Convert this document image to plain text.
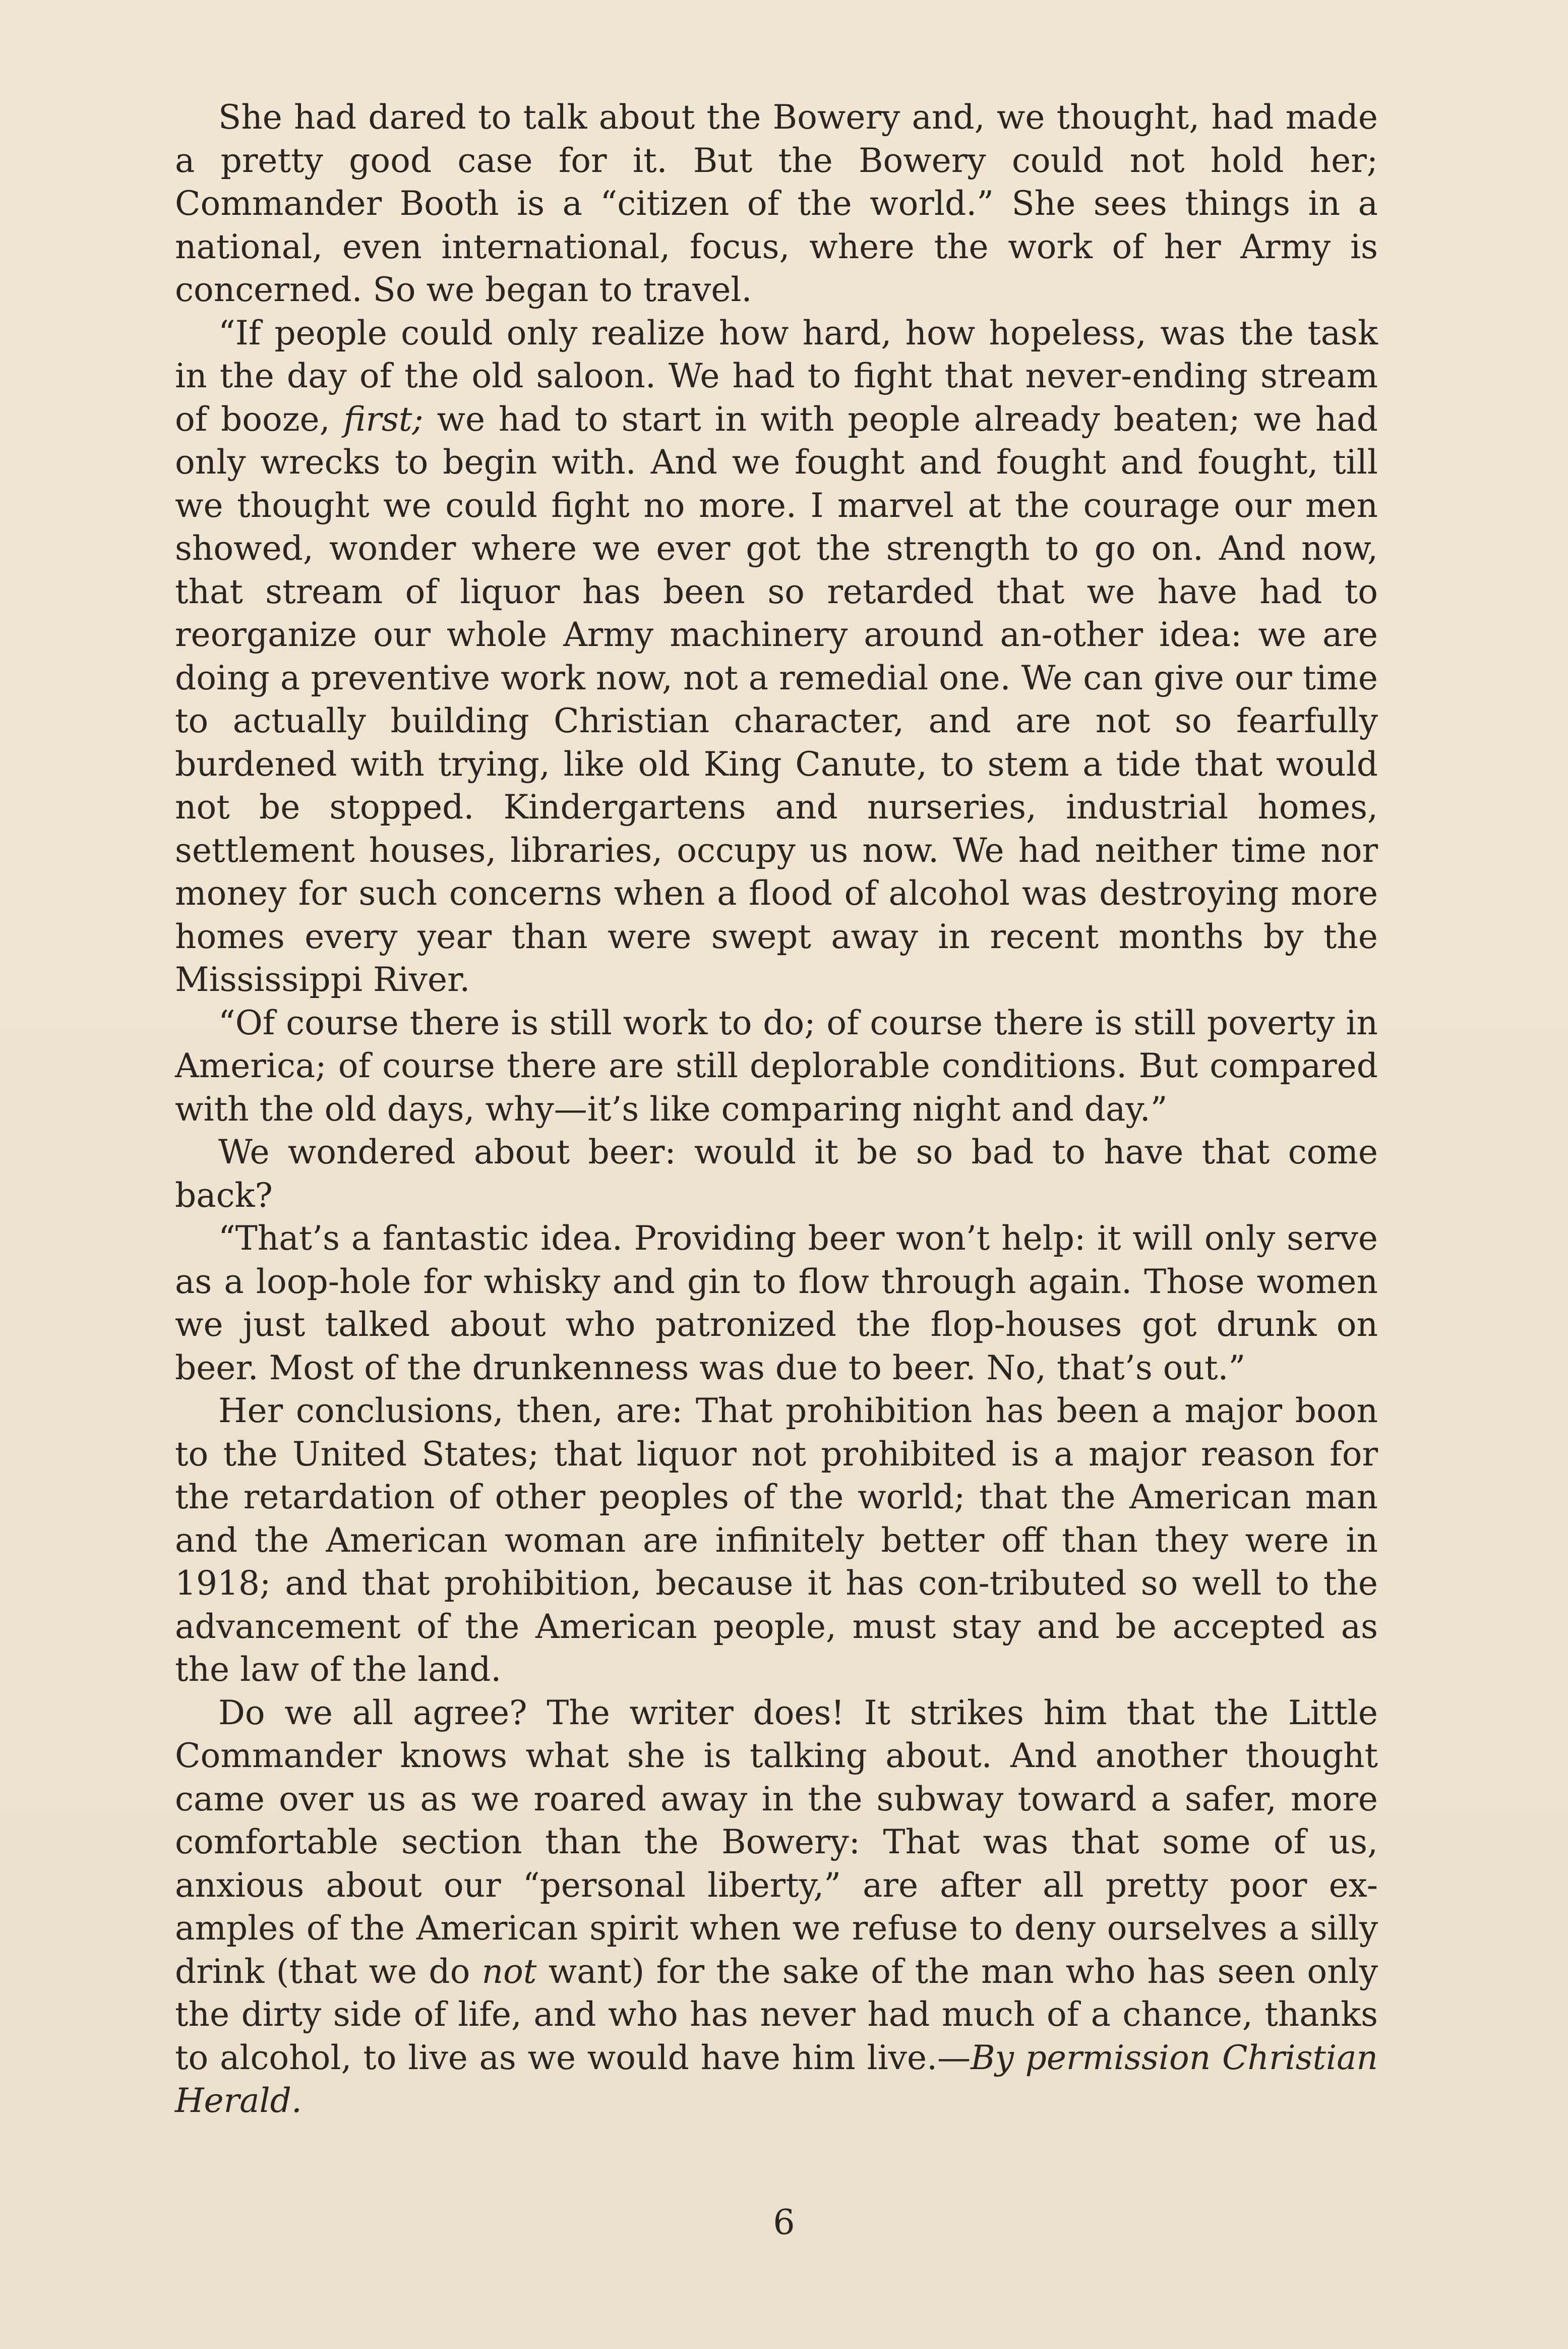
She had dared to talk about the Bowery and, we thought, had made a pretty good case for it. But the Bowery could not hold her; Commander Booth is a “citizen of the world.” She sees things in a national, even international, focus, where the work of her Army is concerned. So we began to travel.

“If people could only realize how hard, how hopeless, was the task in the day of the old saloon. We had to fight that never-ending stream of booze, first; we had to start in with people already beaten; we had only wrecks to begin with. And we fought and fought and fought, till we thought we could fight no more. I marvel at the courage our men showed, wonder where we ever got the strength to go on. And now, that stream of liquor has been so retarded that we have had to reorganize our whole Army machinery around an-other idea: we are doing a preventive work now, not a remedial one. We can give our time to actually building Christian character, and are not so fearfully burdened with trying, like old King Canute, to stem a tide that would not be stopped. Kindergartens and nurseries, industrial homes, settlement houses, libraries, occupy us now. We had neither time nor money for such concerns when a flood of alcohol was destroying more homes every year than were swept away in recent months by the Mississippi River.

“Of course there is still work to do; of course there is still poverty in America; of course there are still deplorable conditions. But compared with the old days, why—it’s like comparing night and day.”

We wondered about beer: would it be so bad to have that come back?

“That’s a fantastic idea. Providing beer won’t help: it will only serve as a loop-hole for whisky and gin to flow through again. Those women we just talked about who patronized the flop-houses got drunk on beer. Most of the drunkenness was due to beer. No, that’s out.”

Her conclusions, then, are: That prohibition has been a major boon to the United States; that liquor not prohibited is a major reason for the retardation of other peoples of the world; that the American man and the American woman are infinitely better off than they were in 1918; and that prohibition, because it has con-tributed so well to the advancement of the American people, must stay and be accepted as the law of the land.

Do we all agree? The writer does! It strikes him that the Little Commander knows what she is talking about. And another thought came over us as we roared away in the subway toward a safer, more comfortable section than the Bowery: That was that some of us, anxious about our “personal liberty,” are after all pretty poor ex-amples of the American spirit when we refuse to deny ourselves a silly drink (that we do not want) for the sake of the man who has seen only the dirty side of life, and who has never had much of a chance, thanks to alcohol, to live as we would have him live.—By permission Christian Herald.

6
